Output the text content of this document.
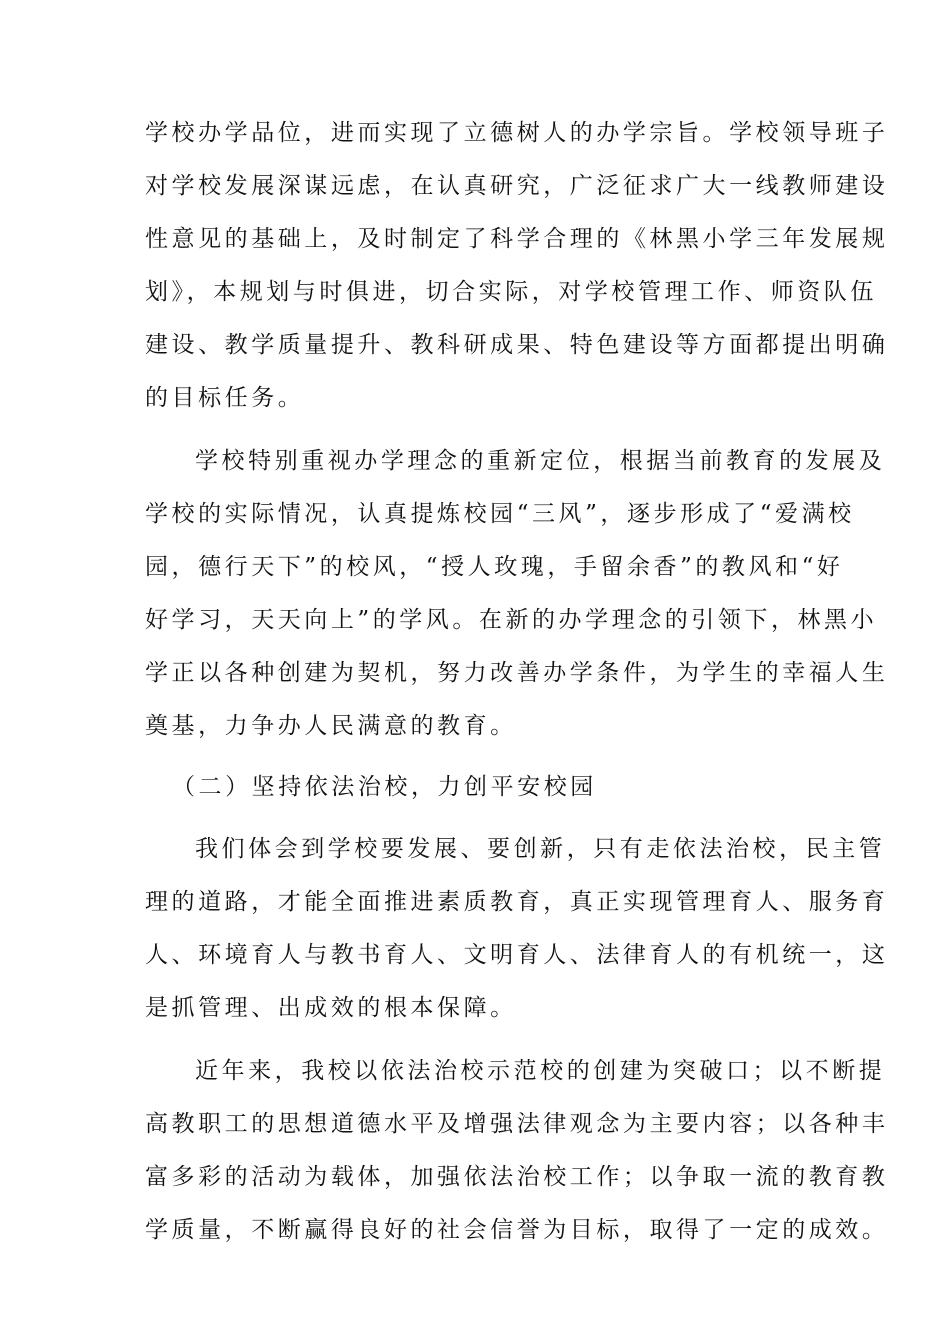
学校办学品位，进而实现了立德树人的办学宗旨。学校领导班子
对学校发展深谋远虑，在认真研究，广泛征求广大一线教师建设
性意见的基础上，及时制定了科学合理的《林黑小学三年发展规
划》，本规划与时俱进，切合实际，对学校管理工作、师资队伍
建设、教学质量提升、教科研成果、特色建设等方面都提出明确
的目标任务。
学校特别重视办学理念的重新定位，根据当前教育的发展及
学校的实际情况，认真提炼校园“三风”，逐步形成了“爱满校
园，德行天下”的校风，“授人玫瑰，手留余香”的教风和“好
好学习，天天向上”的学风。在新的办学理念的引领下，林黑小
学正以各种创建为契机，努力改善办学条件，为学生的幸福人生
奠基，力争办人民满意的教育。
（二）坚持依法治校，力创平安校园
我们体会到学校要发展、要创新，只有走依法治校，民主管
理的道路，才能全面推进素质教育，真正实现管理育人、服务育
人、环境育人与教书育人、文明育人、法律育人的有机统一，这
是抓管理、出成效的根本保障。
近年来，我校以依法治校示范校的创建为突破口；以不断提
高教职工的思想道德水平及增强法律观念为主要内容；以各种丰
富多彩的活动为载体，加强依法治校工作；以争取一流的教育教
学质量，不断赢得良好的社会信誉为目标，取得了一定的成效。
